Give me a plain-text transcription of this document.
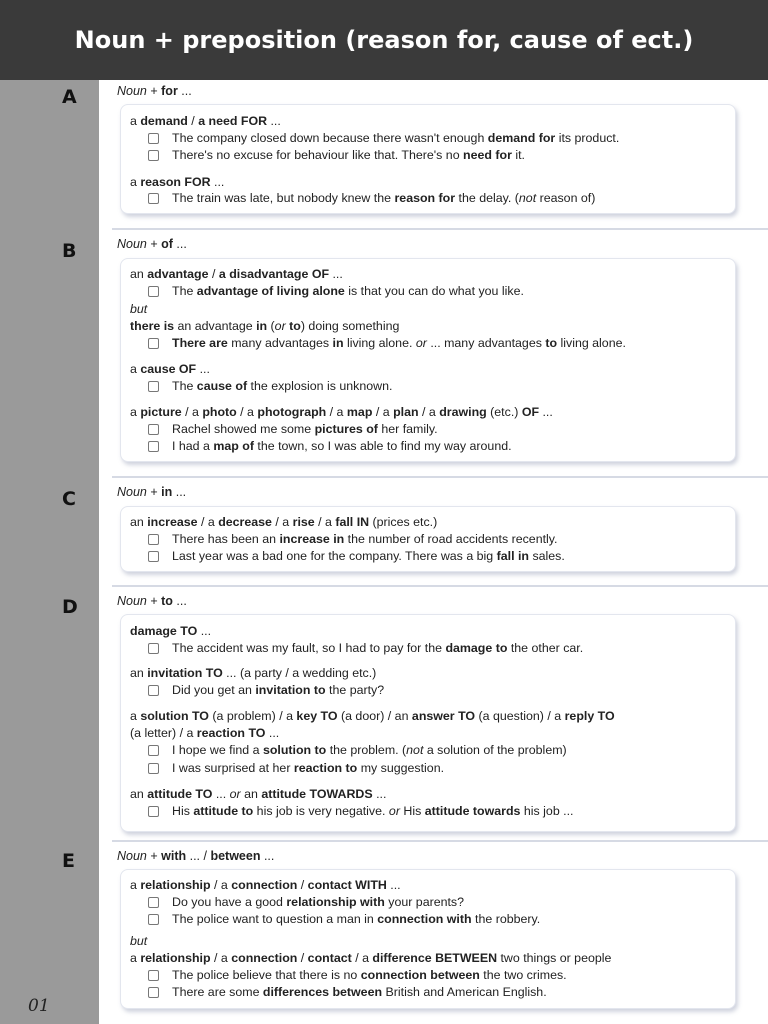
Noun + preposition (reason for, cause of ect.)
01
A	Noun + for ...
a demand / a need FOR ...
The company closed down because there wasn't enough demand for its product.
There's no excuse for behaviour like that. There's no need for it.
a reason FOR ...
The train was late, but nobody knew the reason for the delay. (not reason of)
B	Noun + of ...
an advantage / a disadvantage OF ...
The advantage of living alone is that you can do what you like.
but
there is an advantage in (or to) doing something
There are many advantages in living alone. or ... many advantages to living alone.
a cause OF ...
The cause of the explosion is unknown.
a picture / a photo / a photograph / a map / a plan / a drawing (etc.) OF ...
Rachel showed me some pictures of her family.
I had a map of the town, so I was able to find my way around.
C	Noun + in ...
an increase / a decrease / a rise / a fall IN (prices etc.)
There has been an increase in the number of road accidents recently.
Last year was a bad one for the company. There was a big fall in sales.
D	Noun + to ...
damage TO ...
The accident was my fault, so I had to pay for the damage to the other car.
an invitation TO ... (a party / a wedding etc.)
Did you get an invitation to the party?
a solution TO (a problem) / a key TO (a door) / an answer TO (a question) / a reply TO
(a letter) / a reaction TO ...
I hope we find a solution to the problem. (not a solution of the problem)
I was surprised at her reaction to my suggestion.
an attitude TO ... or an attitude TOWARDS ...
His attitude to his job is very negative. or His attitude towards his job ...
E	Noun + with ... / between ...
a relationship / a connection / contact WITH ...
Do you have a good relationship with your parents?
The police want to question a man in connection with the robbery.
but
a relationship / a connection / contact / a difference BETWEEN two things or people
The police believe that there is no connection between the two crimes.
There are some differences between British and American English.
